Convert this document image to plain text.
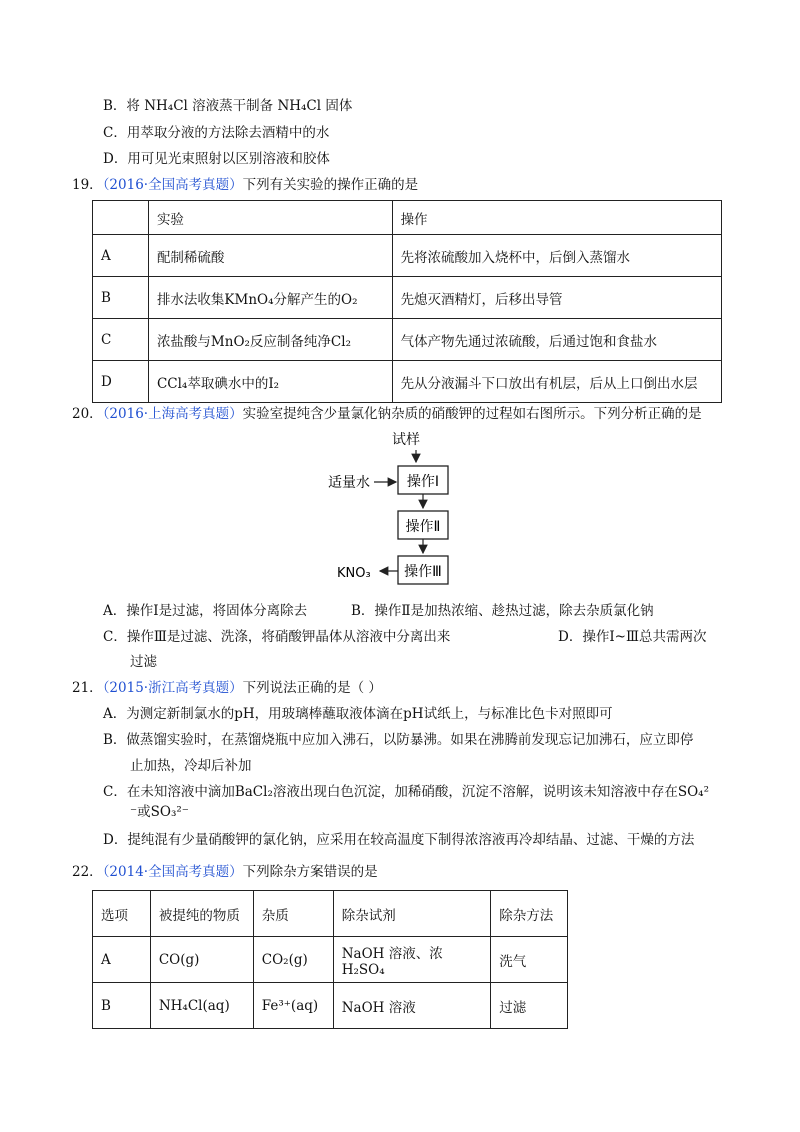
B．将 NH₄Cl 溶液蒸干制备 NH₄Cl 固体
C．用萃取分液的方法除去酒精中的水
D．用可见光束照射以区别溶液和胶体
19．（2016·全国高考真题）下列有关实验的操作正确的是
	实验	操作
A	配制稀硫酸	先将浓硫酸加入烧杯中，后倒入蒸馏水
B	排水法收集KMnO₄分解产生的O₂	先熄灭酒精灯，后移出导管
C	浓盐酸与MnO₂反应制备纯净Cl₂	气体产物先通过浓硫酸，后通过饱和食盐水
D	CCl₄萃取碘水中的I₂	先从分液漏斗下口放出有机层，后从上口倒出水层
20．（2016·上海高考真题）实验室提纯含少量氯化钠杂质的硝酸钾的过程如右图所示。下列分析正确的是
试样
适量水	操作Ⅰ
操作Ⅱ
操作Ⅲ
KNO₃
A．操作Ⅰ是过滤，将固体分离除去	B．操作Ⅱ是加热浓缩、趁热过滤，除去杂质氯化钠
C．操作Ⅲ是过滤、洗涤，将硝酸钾晶体从溶液中分离出来	D．操作Ⅰ~Ⅲ总共需两次
过滤
21．（2015·浙江高考真题）下列说法正确的是（ ）
A．为测定新制氯水的pH，用玻璃棒蘸取液体滴在pH试纸上，与标准比色卡对照即可
B．做蒸馏实验时，在蒸馏烧瓶中应加入沸石，以防暴沸。如果在沸腾前发现忘记加沸石，应立即停
止加热，冷却后补加
C．在未知溶液中滴加BaCl₂溶液出现白色沉淀，加稀硝酸，沉淀不溶解，说明该未知溶液中存在SO₄²
⁻或SO₃²⁻
D．提纯混有少量硝酸钾的氯化钠，应采用在较高温度下制得浓溶液再冷却结晶、过滤、干燥的方法
22．（2014·全国高考真题）下列除杂方案错误的是
选项	被提纯的物质	杂质	除杂试剂	除杂方法
A	CO(g)	CO₂(g)	NaOH 溶液、浓 H₂SO₄	洗气
B	NH₄Cl(aq)	Fe³⁺(aq)	NaOH 溶液	过滤
